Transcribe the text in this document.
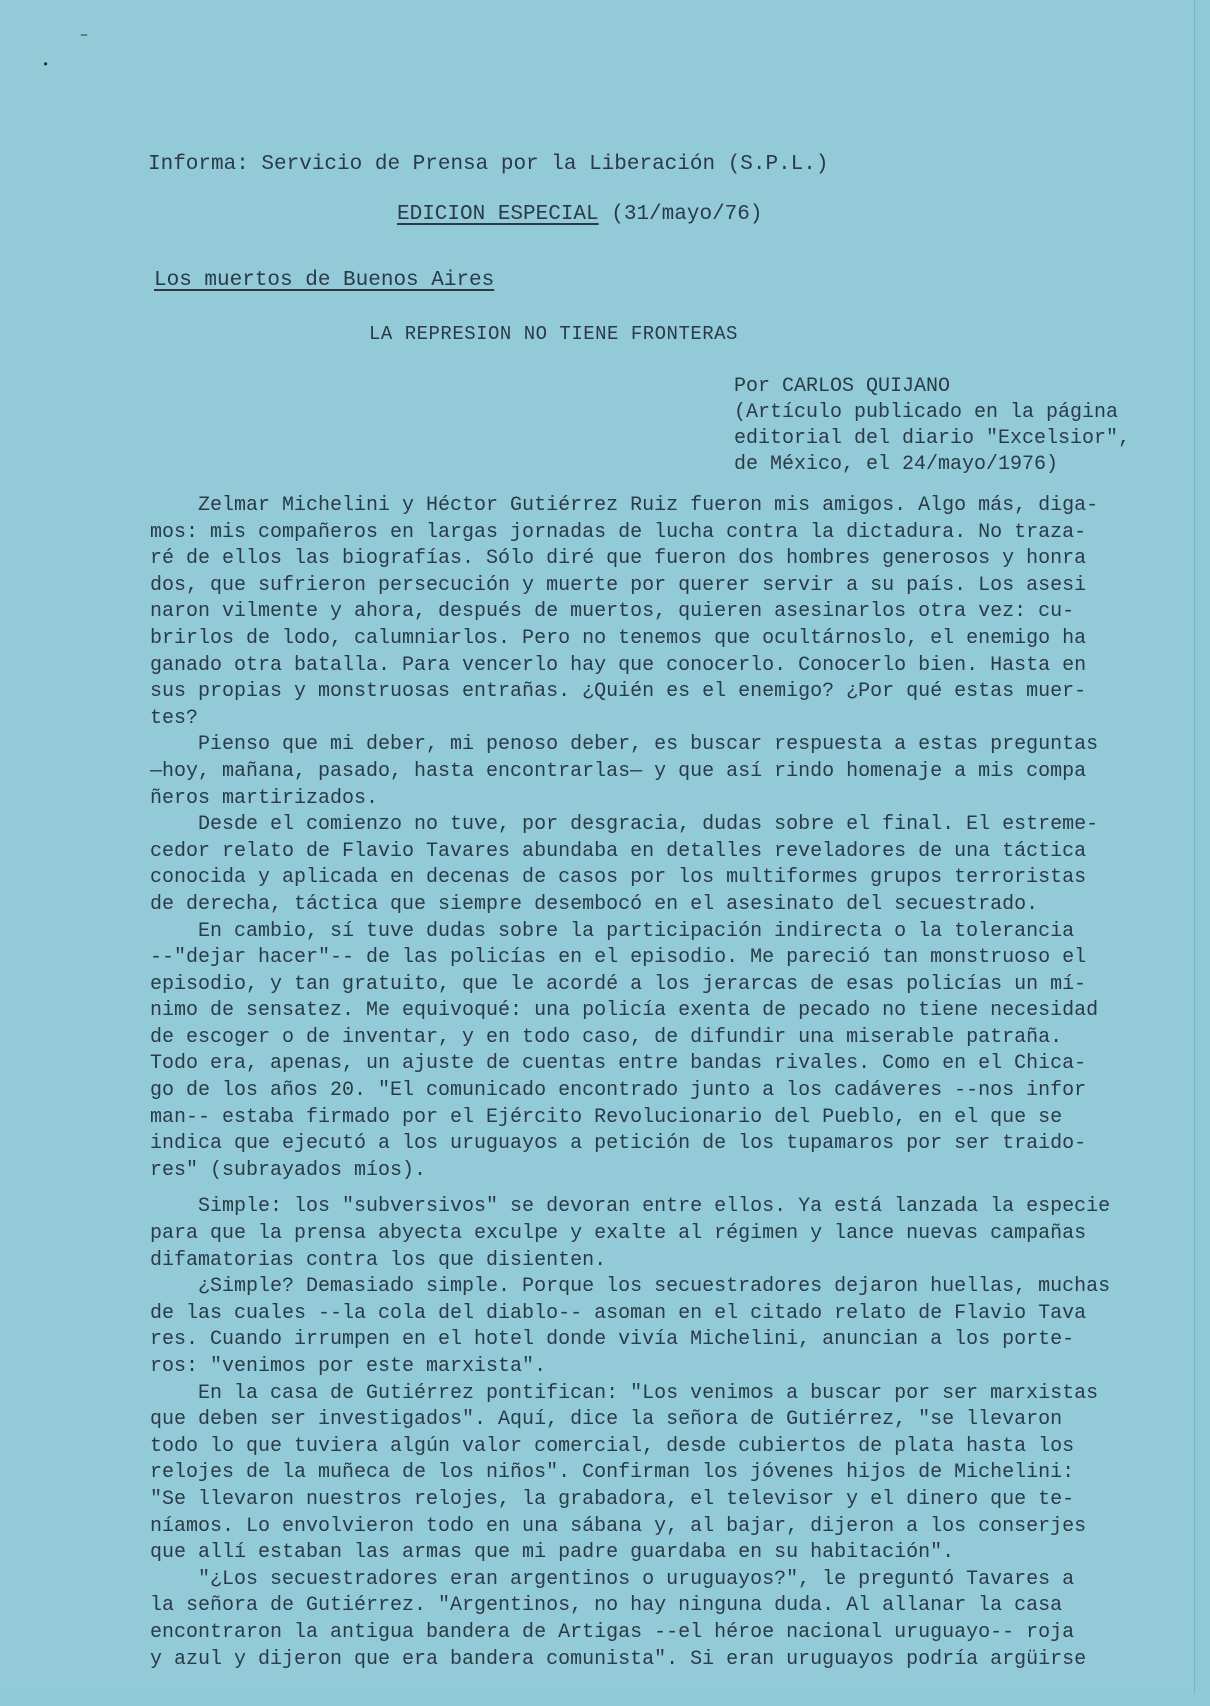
⁻
•
Informa: Servicio de Prensa por la Liberación (S.P.L.)
EDICION ESPECIAL (31/mayo/76)
Los muertos de Buenos Aires
LA REPRESION NO TIENE FRONTERAS
Por CARLOS QUIJANO
(Artículo publicado en la página
editorial del diario "Excelsior",
de México, el 24/mayo/1976)
Zelmar Michelini y Héctor Gutiérrez Ruiz fueron mis amigos. Algo más, diga-
mos: mis compañeros en largas jornadas de lucha contra la dictadura. No traza-
ré de ellos las biografías. Sólo diré que fueron dos hombres generosos y honra
dos, que sufrieron persecución y muerte por querer servir a su país. Los asesi
naron vilmente y ahora, después de muertos, quieren asesinarlos otra vez: cu-
brirlos de lodo, calumniarlos. Pero no tenemos que ocultárnoslo, el enemigo ha
ganado otra batalla. Para vencerlo hay que conocerlo. Conocerlo bien. Hasta en
sus propias y monstruosas entrañas. ¿Quién es el enemigo? ¿Por qué estas muer-
tes?
Pienso que mi deber, mi penoso deber, es buscar respuesta a estas preguntas
—hoy, mañana, pasado, hasta encontrarlas— y que así rindo homenaje a mis compa
ñeros martirizados.
Desde el comienzo no tuve, por desgracia, dudas sobre el final. El estreme-
cedor relato de Flavio Tavares abundaba en detalles reveladores de una táctica
conocida y aplicada en decenas de casos por los multiformes grupos terroristas
de derecha, táctica que siempre desembocó en el asesinato del secuestrado.
En cambio, sí tuve dudas sobre la participación indirecta o la tolerancia
--"dejar hacer"-- de las policías en el episodio. Me pareció tan monstruoso el
episodio, y tan gratuito, que le acordé a los jerarcas de esas policías un mí-
nimo de sensatez. Me equivoqué: una policía exenta de pecado no tiene necesidad
de escoger o de inventar, y en todo caso, de difundir una miserable patraña.
Todo era, apenas, un ajuste de cuentas entre bandas rivales. Como en el Chica-
go de los años 20. "El comunicado encontrado junto a los cadáveres --nos infor
man-- estaba firmado por el Ejército Revolucionario del Pueblo, en el que se
indica que ejecutó a los uruguayos a petición de los tupamaros por ser traido-
res" (subrayados míos).
Simple: los "subversivos" se devoran entre ellos. Ya está lanzada la especie
para que la prensa abyecta exculpe y exalte al régimen y lance nuevas campañas
difamatorias contra los que disienten.
¿Simple? Demasiado simple. Porque los secuestradores dejaron huellas, muchas
de las cuales --la cola del diablo-- asoman en el citado relato de Flavio Tava
res. Cuando irrumpen en el hotel donde vivía Michelini, anuncian a los porte-
ros: "venimos por este marxista".
En la casa de Gutiérrez pontifican: "Los venimos a buscar por ser marxistas
que deben ser investigados". Aquí, dice la señora de Gutiérrez, "se llevaron
todo lo que tuviera algún valor comercial, desde cubiertos de plata hasta los
relojes de la muñeca de los niños". Confirman los jóvenes hijos de Michelini:
"Se llevaron nuestros relojes, la grabadora, el televisor y el dinero que te-
níamos. Lo envolvieron todo en una sábana y, al bajar, dijeron a los conserjes
que allí estaban las armas que mi padre guardaba en su habitación".
"¿Los secuestradores eran argentinos o uruguayos?", le preguntó Tavares a
la señora de Gutiérrez. "Argentinos, no hay ninguna duda. Al allanar la casa
encontraron la antigua bandera de Artigas --el héroe nacional uruguayo-- roja
y azul y dijeron que era bandera comunista". Si eran uruguayos podría argüirse
